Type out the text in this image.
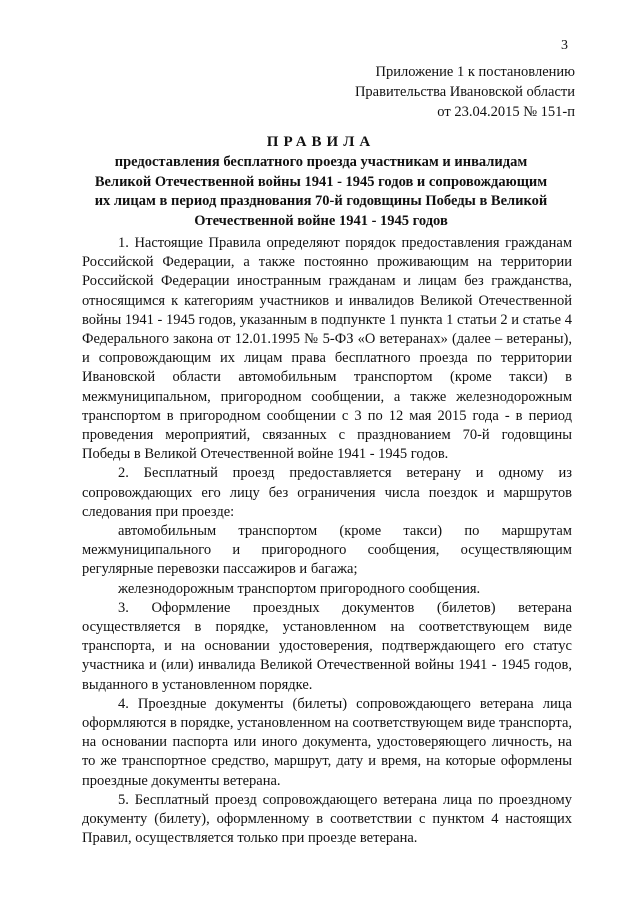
3
Приложение 1 к постановлению
Правительства Ивановской области
от 23.04.2015 № 151-п
ПРАВИЛА
предоставления бесплатного проезда участникам и инвалидам
Великой Отечественной войны 1941 - 1945 годов и сопровождающим
их лицам в период празднования 70-й годовщины Победы в Великой
Отечественной войне 1941 - 1945 годов

1. Настоящие Правила определяют порядок предоставления гражданам Российской Федерации, а также постоянно проживающим на территории Российской Федерации иностранным гражданам и лицам без гражданства, относящимся к категориям участников и инвалидов Великой Отечественной войны 1941 - 1945 годов, указанным в подпункте 1 пункта 1 статьи 2 и статье 4 Федерального закона от 12.01.1995 № 5-ФЗ «О ветеранах» (далее – ветераны), и сопровождающим их лицам права бесплатного проезда по территории Ивановской области автомобильным транспортом (кроме такси) в межмуниципальном, пригородном сообщении, а также железнодорожным транспортом в пригородном сообщении с 3 по 12 мая 2015 года - в период проведения мероприятий, связанных с празднованием 70-й годовщины Победы в Великой Отечественной войне 1941 - 1945 годов.

2. Бесплатный проезд предоставляется ветерану и одному из сопровождающих его лицу без ограничения числа поездок и маршрутов следования при проезде:

автомобильным транспортом (кроме такси) по маршрутам межмуниципального и пригородного сообщения, осуществляющим регулярные перевозки пассажиров и багажа;

железнодорожным транспортом пригородного сообщения.

3. Оформление проездных документов (билетов) ветерана осуществляется в порядке, установленном на соответствующем виде транспорта, и на основании удостоверения, подтверждающего его статус участника и (или) инвалида Великой Отечественной войны 1941 - 1945 годов, выданного в установленном порядке.

4. Проездные документы (билеты) сопровождающего ветерана лица оформляются в порядке, установленном на соответствующем виде транспорта, на основании паспорта или иного документа, удостоверяющего личность, на то же транспортное средство, маршрут, дату и время, на которые оформлены проездные документы ветерана.

5. Бесплатный проезд сопровождающего ветерана лица по проездному документу (билету), оформленному в соответствии с пунктом 4 настоящих Правил, осуществляется только при проезде ветерана.
